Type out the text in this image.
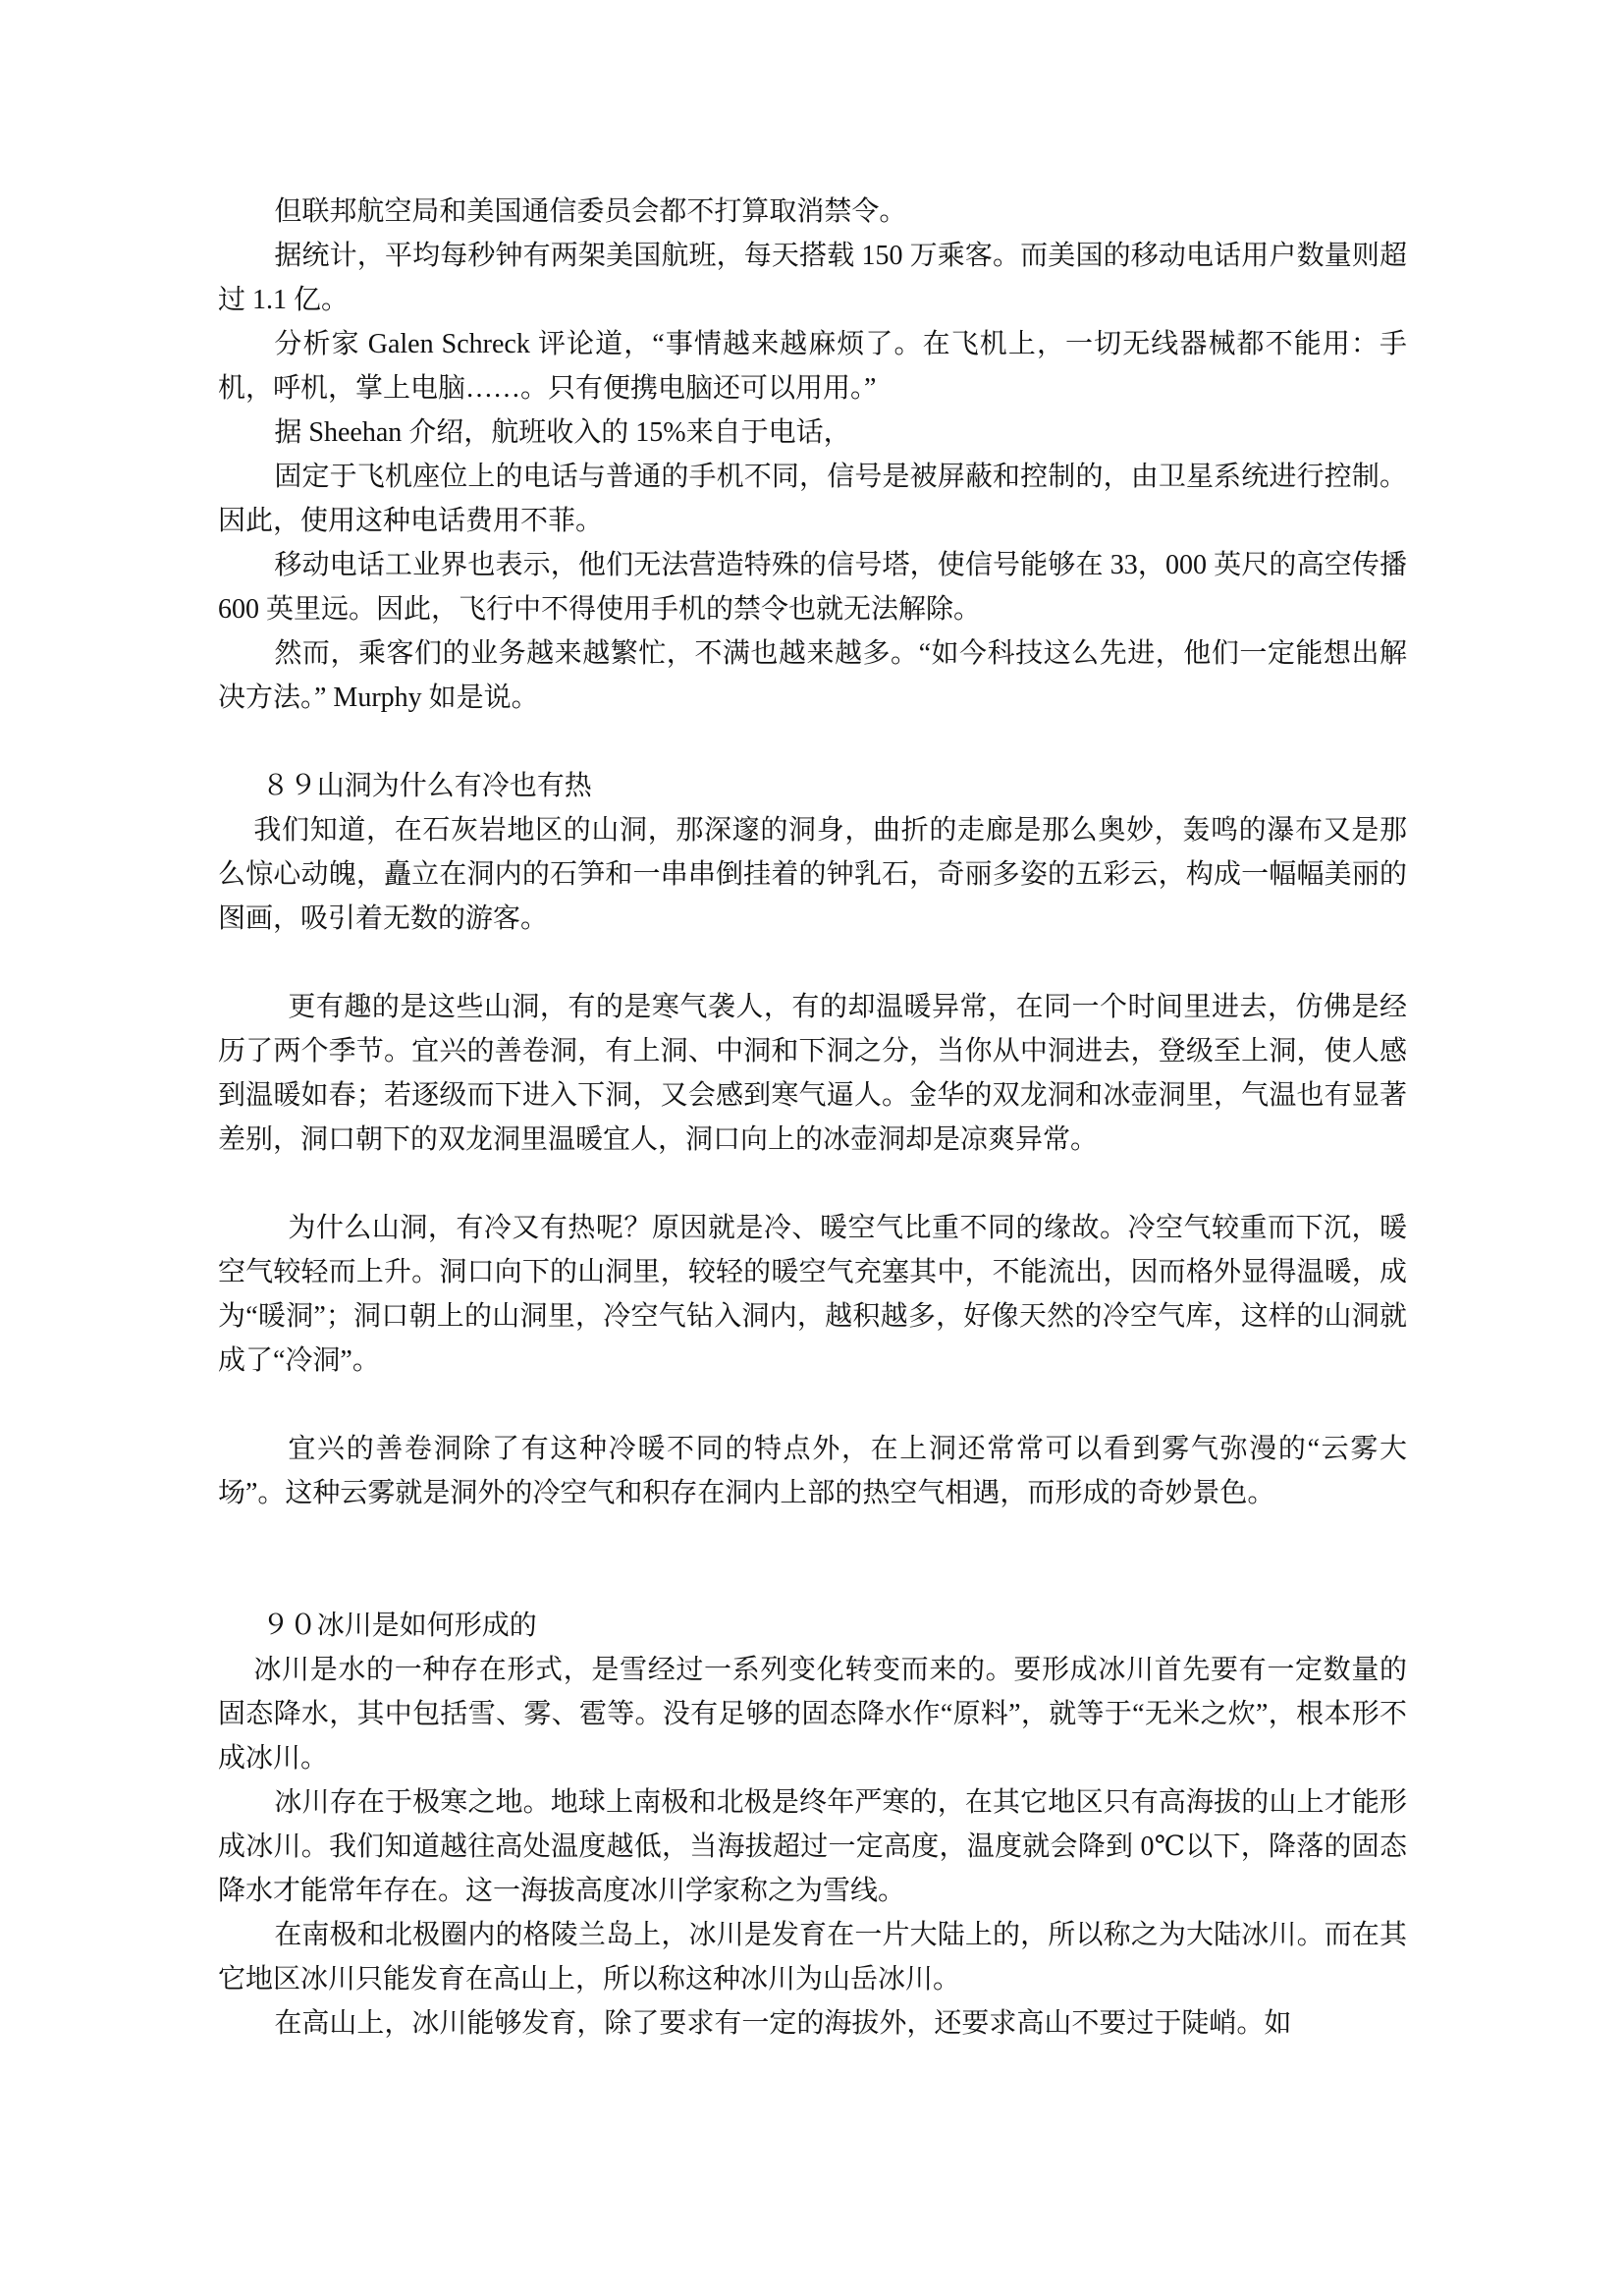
但联邦航空局和美国通信委员会都不打算取消禁令。

据统计，平均每秒钟有两架美国航班，每天搭载 150 万乘客。而美国的移动电话用户数量则超过 1.1 亿。

分析家 Galen Schreck 评论道，“事情越来越麻烦了。在飞机上，一切无线器械都不能用：手机，呼机，掌上电脑……。只有便携电脑还可以用用。”

据 Sheehan 介绍，航班收入的 15%来自于电话，

固定于飞机座位上的电话与普通的手机不同，信号是被屏蔽和控制的，由卫星系统进行控制。因此，使用这种电话费用不菲。

移动电话工业界也表示，他们无法营造特殊的信号塔，使信号能够在 33，000 英尺的高空传播 600 英里远。因此，飞行中不得使用手机的禁令也就无法解除。

然而，乘客们的业务越来越繁忙，不满也越来越多。“如今科技这么先进，他们一定能想出解决方法。” Murphy 如是说。

８９山洞为什么有冷也有热

我们知道，在石灰岩地区的山洞，那深邃的洞身，曲折的走廊是那么奥妙，轰鸣的瀑布又是那么惊心动魄，矗立在洞内的石笋和一串串倒挂着的钟乳石，奇丽多姿的五彩云，构成一幅幅美丽的图画，吸引着无数的游客。

更有趣的是这些山洞，有的是寒气袭人，有的却温暖异常，在同一个时间里进去，仿佛是经历了两个季节。宜兴的善卷洞，有上洞、中洞和下洞之分，当你从中洞进去，登级至上洞，使人感到温暖如春；若逐级而下进入下洞，又会感到寒气逼人。金华的双龙洞和冰壶洞里，气温也有显著差别，洞口朝下的双龙洞里温暖宜人，洞口向上的冰壶洞却是凉爽异常。

为什么山洞，有冷又有热呢？原因就是冷、暖空气比重不同的缘故。冷空气较重而下沉，暖空气较轻而上升。洞口向下的山洞里，较轻的暖空气充塞其中，不能流出，因而格外显得温暖，成为“暖洞”；洞口朝上的山洞里，冷空气钻入洞内，越积越多，好像天然的冷空气库，这样的山洞就成了“冷洞”。

宜兴的善卷洞除了有这种冷暖不同的特点外，在上洞还常常可以看到雾气弥漫的“云雾大场”。这种云雾就是洞外的冷空气和积存在洞内上部的热空气相遇，而形成的奇妙景色。

９０冰川是如何形成的

冰川是水的一种存在形式，是雪经过一系列变化转变而来的。要形成冰川首先要有一定数量的固态降水，其中包括雪、雾、雹等。没有足够的固态降水作“原料”，就等于“无米之炊”，根本形不成冰川。

冰川存在于极寒之地。地球上南极和北极是终年严寒的，在其它地区只有高海拔的山上才能形成冰川。我们知道越往高处温度越低，当海拔超过一定高度，温度就会降到 0℃以下，降落的固态降水才能常年存在。这一海拔高度冰川学家称之为雪线。

在南极和北极圈内的格陵兰岛上，冰川是发育在一片大陆上的，所以称之为大陆冰川。而在其它地区冰川只能发育在高山上，所以称这种冰川为山岳冰川。

在高山上，冰川能够发育，除了要求有一定的海拔外，还要求高山不要过于陡峭。如
